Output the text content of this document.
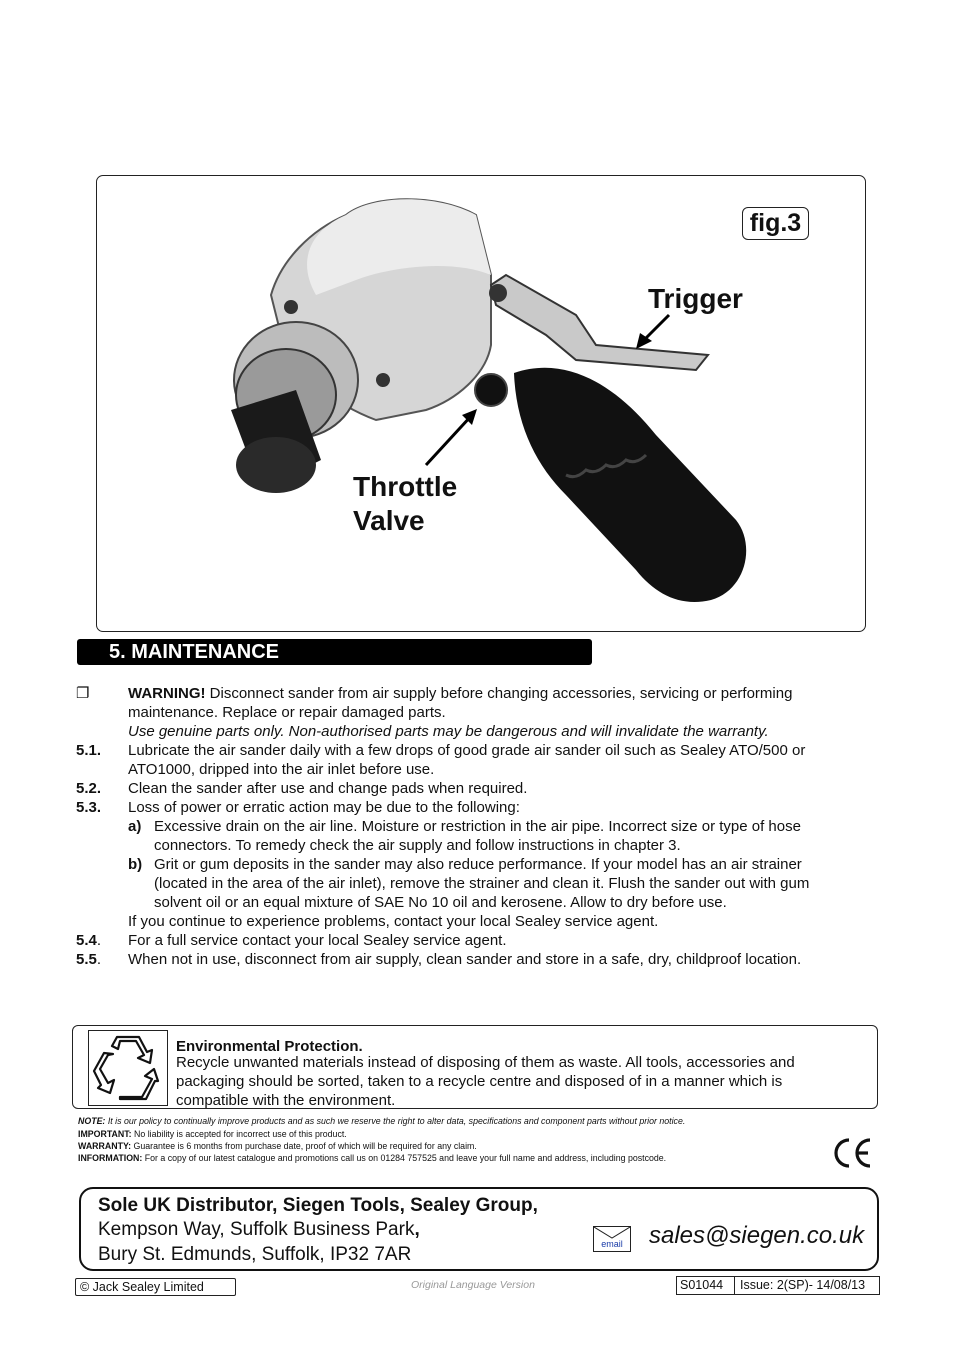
fig.3
Trigger
Throttle
Valve
5. MAINTENANCE
❐	WARNING! Disconnect sander from air supply before changing accessories, servicing or performing
maintenance. Replace or repair damaged parts.
Use genuine parts only. Non-authorised parts may be dangerous and will invalidate the warranty.
5.1. Lubricate the air sander daily with a few drops of good grade air sander oil such as Sealey ATO/500 or
ATO1000, dripped into the air inlet before use.
5.2. Clean the sander after use and change pads when required.
5.3. Loss of power or erratic action may be due to the following:
a) Excessive drain on the air line. Moisture or restriction in the air pipe. Incorrect size or type of hose
connectors. To remedy check the air supply and follow instructions in chapter 3.
b) Grit or gum deposits in the sander may also reduce performance. If your model has an air strainer
(located in the area of the air inlet), remove the strainer and clean it. Flush the sander out with gum
solvent oil or an equal mixture of SAE No 10 oil and kerosene. Allow to dry before use.
If you continue to experience problems, contact your local Sealey service agent.
5.4. For a full service contact your local Sealey service agent.
5.5. When not in use, disconnect from air supply, clean sander and store in a safe, dry, childproof location.
Environmental Protection.
Recycle unwanted materials instead of disposing of them as waste. All tools, accessories and
packaging should be sorted, taken to a recycle centre and disposed of in a manner which is
compatible with the environment.
NOTE: It is our policy to continually improve products and as such we reserve the right to alter data, specifications and component parts without prior notice.
IMPORTANT: No liability is accepted for incorrect use of this product.
WARRANTY: Guarantee is 6 months from purchase date, proof of which will be required for any claim.
INFORMATION: For a copy of our latest catalogue and promotions call us on 01284 757525 and leave your full name and address, including postcode.
Sole UK Distributor, Siegen Tools, Sealey Group,
Kempson Way, Suffolk Business Park,
Bury St. Edmunds, Suffolk, IP32 7AR	email	sales@siegen.co.uk
© Jack Sealey Limited	Original Language Version	S01044 Issue: 2(SP)- 14/08/13
